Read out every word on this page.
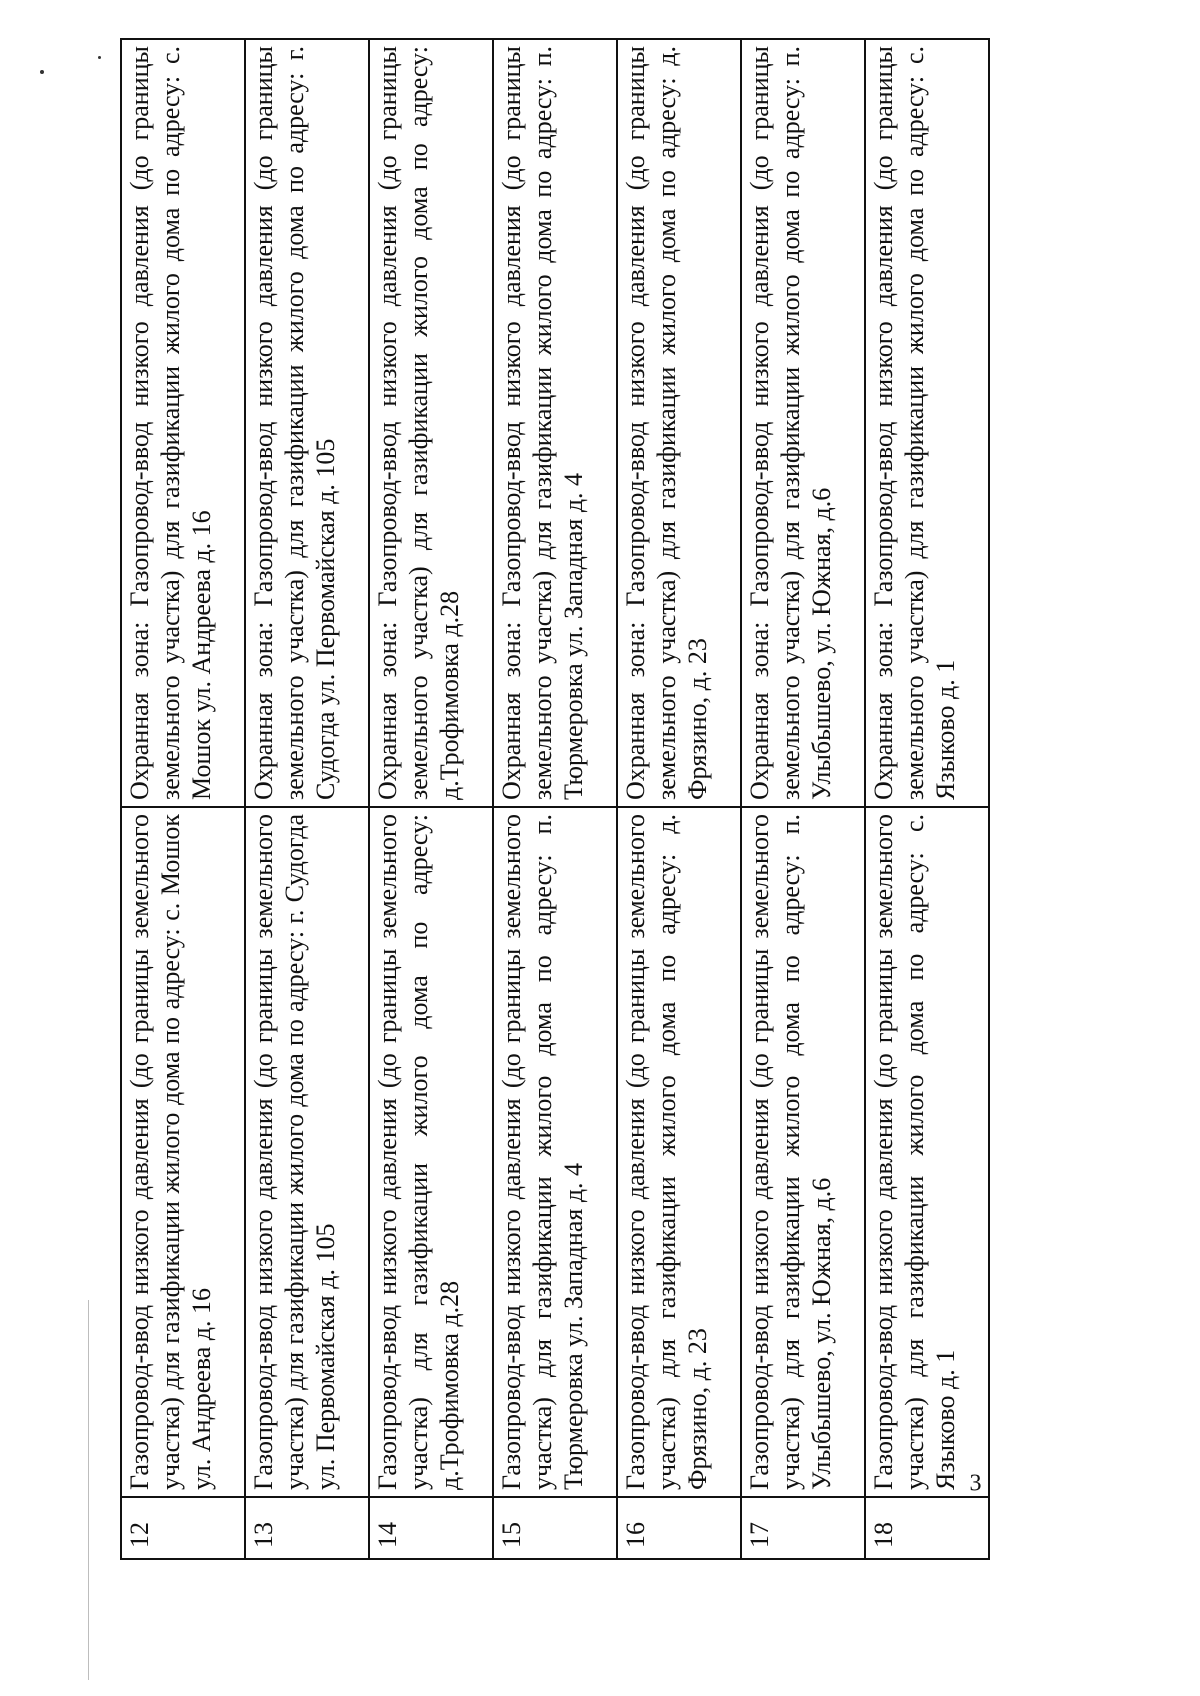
3
12	Газопровод-ввод низкого давления (до границы земельного участка) для газификации жилого дома по адресу: с. Мошок ул. Андреева д. 16	Охранная зона: Газопровод-ввод низкого давления (до границы земельного участка) для газификации жилого дома по адресу: с. Мошок ул. Андреева д. 16
13	Газопровод-ввод низкого давления (до границы земельного участка) для газификации жилого дома по адресу: г. Судогда ул. Первомайская д. 105	Охранная зона: Газопровод-ввод низкого давления (до границы земельного участка) для газификации жилого дома по адресу: г. Судогда ул. Первомайская д. 105
14	Газопровод-ввод низкого давления (до границы земельного участка) для газификации жилого дома по адресу: д.Трофимовка д.28	Охранная зона: Газопровод-ввод низкого давления (до границы земельного участка) для газификации жилого дома по адресу: д.Трофимовка д.28
15	Газопровод-ввод низкого давления (до границы земельного участка) для газификации жилого дома по адресу: п. Тюрмеровка ул. Западная д. 4	Охранная зона: Газопровод-ввод низкого давления (до границы земельного участка) для газификации жилого дома по адресу: п. Тюрмеровка ул. Западная д. 4
16	Газопровод-ввод низкого давления (до границы земельного участка) для газификации жилого дома по адресу: д. Фрязино, д. 23	Охранная зона: Газопровод-ввод низкого давления (до границы земельного участка) для газификации жилого дома по адресу: д. Фрязино, д. 23
17	Газопровод-ввод низкого давления (до границы земельного участка) для газификации жилого дома по адресу: п. Улыбышево, ул. Южная, д.6	Охранная зона: Газопровод-ввод низкого давления (до границы земельного участка) для газификации жилого дома по адресу: п. Улыбышево, ул. Южная, д.6
18	Газопровод-ввод низкого давления (до границы земельного участка) для газификации жилого дома по адресу: с. Языково д. 1	Охранная зона: Газопровод-ввод низкого давления (до границы земельного участка) для газификации жилого дома по адресу: с. Языково д. 1
